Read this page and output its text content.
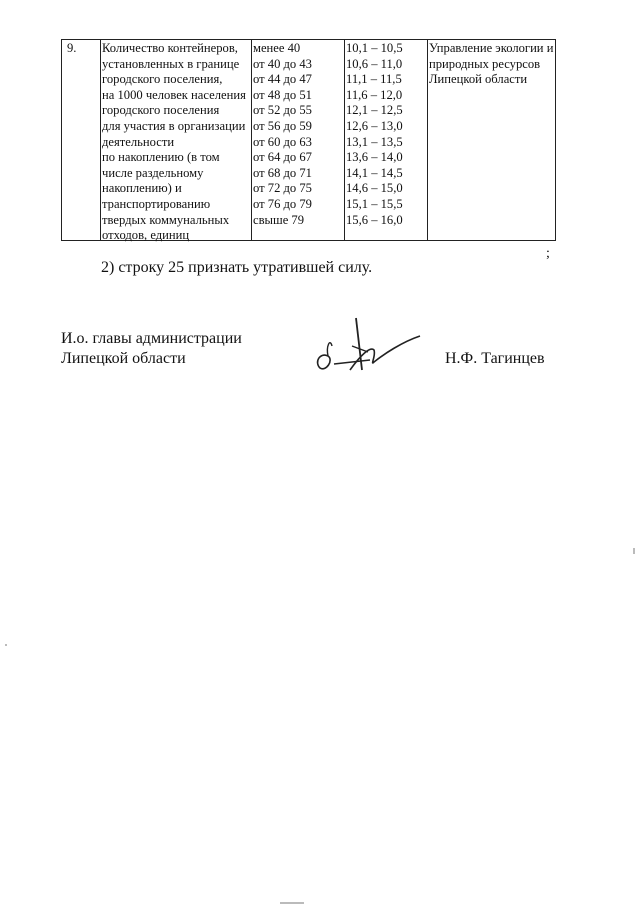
9.	Количество контейнеров,
установленных в границе
городского поселения,
на 1000 человек населения
городского поселения
для участия в организации
деятельности
по накоплению (в том
числе раздельному
накоплению) и
транспортированию
твердых коммунальных
отходов, единиц
менее 40
от 40 до 43
от 44 до 47
от 48 до 51
от 52 до 55
от 56 до 59
от 60 до 63
от 64 до 67
от 68 до 71
от 72 до 75
от 76 до 79
свыше 79
10,1 – 10,5
10,6 – 11,0
11,1 – 11,5
11,6 – 12,0
12,1 – 12,5
12,6 – 13,0
13,1 – 13,5
13,6 – 14,0
14,1 – 14,5
14,6 – 15,0
15,1 – 15,5
15,6 – 16,0
Управление экологии и природных ресурсов Липецкой области
;
2) строку 25 признать утратившей силу.
И.о. главы администрации
Липецкой области	Н.Ф. Тагинцев
